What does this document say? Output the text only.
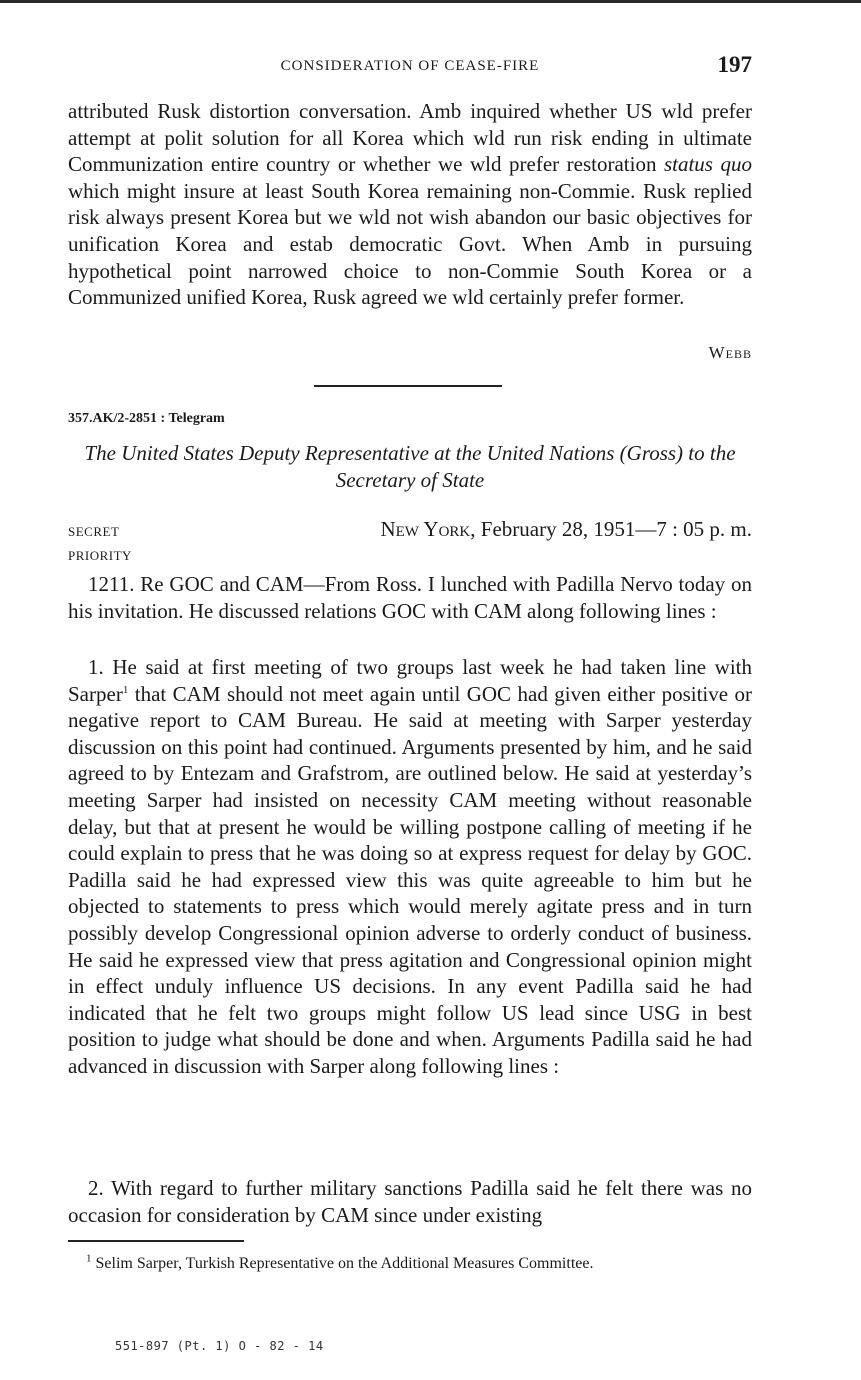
CONSIDERATION OF CEASE-FIRE	197
attributed Rusk distortion conversation. Amb inquired whether US wld prefer attempt at polit solution for all Korea which wld run risk ending in ultimate Communization entire country or whether we wld prefer restoration status quo which might insure at least South Korea remaining non-Commie. Rusk replied risk always present Korea but we wld not wish abandon our basic objectives for unification Korea and estab democratic Govt. When Amb in pursuing hypothetical point narrowed choice to non-Commie South Korea or a Communized unified Korea, Rusk agreed we wld certainly prefer former.
Webb
357.AK/2-2851 : Telegram
The United States Deputy Representative at the United Nations (Gross) to the Secretary of State
SECRET
PRIORITY
New York, February 28, 1951—7 : 05 p. m.
1211. Re GOC and CAM—From Ross. I lunched with Padilla Nervo today on his invitation. He discussed relations GOC with CAM along following lines :
1. He said at first meeting of two groups last week he had taken line with Sarper$^1$ that CAM should not meet again until GOC had given either positive or negative report to CAM Bureau. He said at meeting with Sarper yesterday discussion on this point had continued. Arguments presented by him, and he said agreed to by Entezam and Grafstrom, are outlined below. He said at yesterday’s meeting Sarper had insisted on necessity CAM meeting without reasonable delay, but that at present he would be willing postpone calling of meeting if he could explain to press that he was doing so at express request for delay by GOC. Padilla said he had expressed view this was quite agreeable to him but he objected to statements to press which would merely agitate press and in turn possibly develop Congressional opinion adverse to orderly conduct of business. He said he expressed view that press agitation and Congressional opinion might in effect unduly influence US decisions. In any event Padilla said he had indicated that he felt two groups might follow US lead since USG in best position to judge what should be done and when. Arguments Padilla said he had advanced in discussion with Sarper along following lines :
2. With regard to further military sanctions Padilla said he felt there was no occasion for consideration by CAM since under existing
$^1$ Selim Sarper, Turkish Representative on the Additional Measures Committee.
551-897 (Pt. 1) O - 82 - 14
